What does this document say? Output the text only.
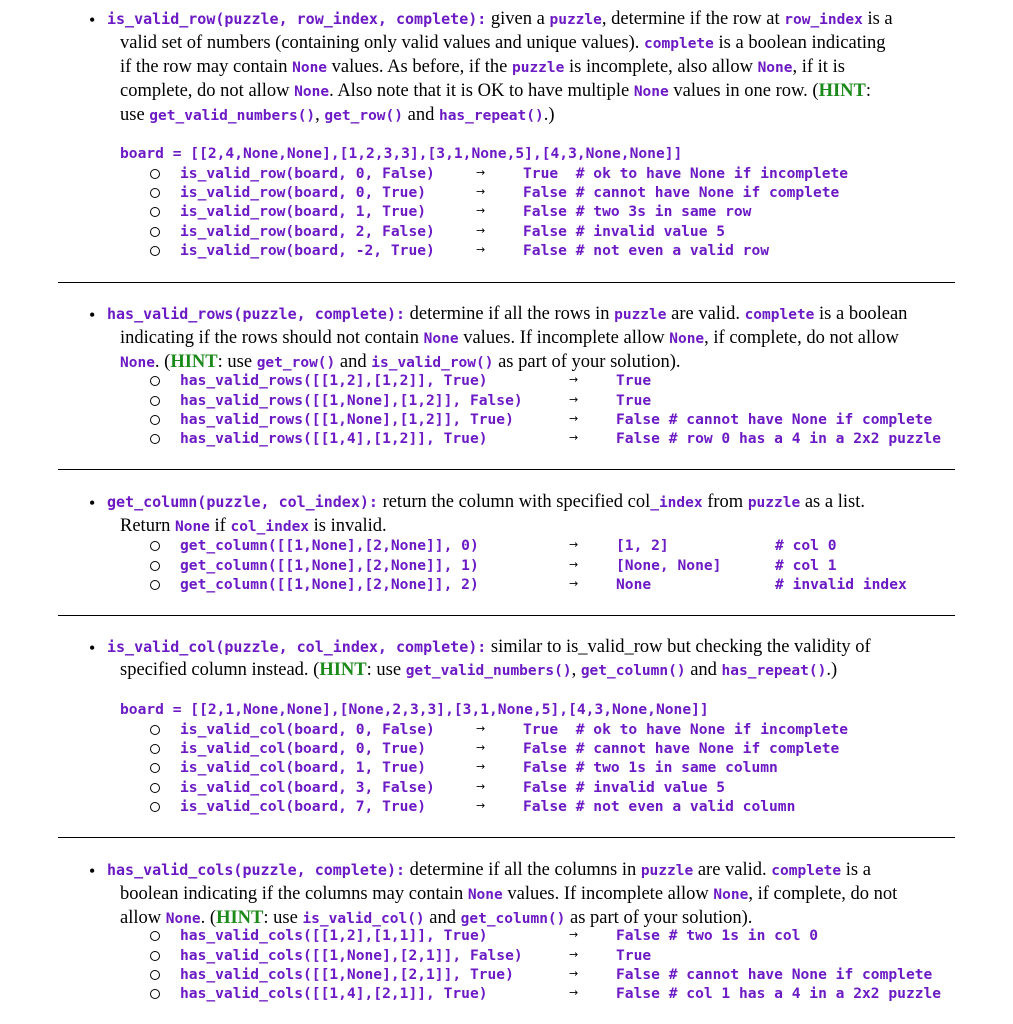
• is_valid_row(puzzle, row_index, complete): given a puzzle, determine if the row at row_index is a
valid set of numbers (containing only valid values and unique values). complete is a boolean indicating
if the row may contain None values. As before, if the puzzle is incomplete, also allow None, if it is
complete, do not allow None. Also note that it is OK to have multiple None values in one row. (HINT:
use get_valid_numbers(), get_row() and has_repeat().)
board = [[2,4,None,None],[1,2,3,3],[3,1,None,5],[4,3,None,None]]
is_valid_row(board, 0, False)	→	True  # ok to have None if incomplete
is_valid_row(board, 0, True)	→	False # cannot have None if complete
is_valid_row(board, 1, True)	→	False # two 3s in same row
is_valid_row(board, 2, False)	→	False # invalid value 5
is_valid_row(board, -2, True)	→	False # not even a valid row
• has_valid_rows(puzzle, complete): determine if all the rows in puzzle are valid. complete is a boolean
indicating if the rows should not contain None values. If incomplete allow None, if complete, do not allow
None. (HINT: use get_row() and is_valid_row() as part of your solution).
has_valid_rows([[1,2],[1,2]], True)	→	True
has_valid_rows([[1,None],[1,2]], False)	→	True
has_valid_rows([[1,None],[1,2]], True)	→	False # cannot have None if complete
has_valid_rows([[1,4],[1,2]], True)	→	False # row 0 has a 4 in a 2x2 puzzle
• get_column(puzzle, col_index): return the column with specified col_index from puzzle as a list.
Return None if col_index is invalid.
get_column([[1,None],[2,None]], 0)	→	[1, 2]	# col 0
get_column([[1,None],[2,None]], 1)	→	[None, None]	# col 1
get_column([[1,None],[2,None]], 2)	→	None	# invalid index
• is_valid_col(puzzle, col_index, complete): similar to is_valid_row but checking the validity of
specified column instead. (HINT: use get_valid_numbers(), get_column() and has_repeat().)
board = [[2,1,None,None],[None,2,3,3],[3,1,None,5],[4,3,None,None]]
is_valid_col(board, 0, False)	→	True  # ok to have None if incomplete
is_valid_col(board, 0, True)	→	False # cannot have None if complete
is_valid_col(board, 1, True)	→	False # two 1s in same column
is_valid_col(board, 3, False)	→	False # invalid value 5
is_valid_col(board, 7, True)	→	False # not even a valid column
• has_valid_cols(puzzle, complete): determine if all the columns in puzzle are valid. complete is a
boolean indicating if the columns may contain None values. If incomplete allow None, if complete, do not
allow None. (HINT: use is_valid_col() and get_column() as part of your solution).
has_valid_cols([[1,2],[1,1]], True)	→	False # two 1s in col 0
has_valid_cols([[1,None],[2,1]], False)	→	True
has_valid_cols([[1,None],[2,1]], True)	→	False # cannot have None if complete
has_valid_cols([[1,4],[2,1]], True)	→	False # col 1 has a 4 in a 2x2 puzzle
